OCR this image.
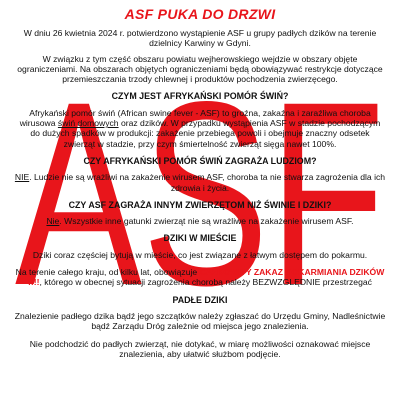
ASF
ASF PUKA DO DRZWI

W dniu 26 kwietnia 2024 r. potwierdzono wystąpienie ASF u grupy padłych dzików na terenie dzielnicy Karwiny w Gdyni.

W związku z tym część obszaru powiatu wejherowskiego wejdzie w obszary objęte ograniczeniami. Na obszarach objętych ograniczeniami będą obowiązywać restrykcje dotyczące przemieszczania trzody chlewnej i produktów pochodzenia zwierzęcego.

CZYM JEST AFRYKAŃSKI POMÓR ŚWIŃ?

Afrykański pomór świń (African swine fever - ASF) to groźna, zakaźna i zaraźliwa choroba wirusowa świń domowych oraz dzików. W przypadku wystąpienia ASF w stadzie pochodzącym do dużych spadków w produkcji: zakażenie przebiega powoli i obejmuje znaczny odsetek zwierząt w stadzie, przy czym śmiertelność zwierząt sięga nawet 100%.

CZY AFRYKAŃSKI POMÓR ŚWIŃ ZAGRAŻA LUDZIOM?

NIE. Ludzie nie są wrażliwi na zakażenie wirusem ASF, choroba ta nie stwarza zagrożenia dla ich zdrowia i życia.

CZY ASF ZAGRAŻA INNYM ZWIERZĘTOM NIŻ ŚWINIE I DZIKI?

Nie. Wszystkie inne gatunki zwierząt nie są wrażliwe na zakażenie wirusem ASF.

DZIKI W MIEŚCIE

Dziki coraz częściej bytują w mieście, co jest związane z łatwym dostępem do pokarmu.

Na terenie całego kraju, od kilku lat, obowiązuje CAŁKOWITY ZAKAZ DOKARMIANIA DZIKÓW !!!!, którego w obecnej sytuacji zagrożenia chorobą należy BEZWZGLĘDNIE przestrzegać

PADŁE DZIKI

Znalezienie padłego dzika bądź jego szczątków należy zgłaszać do Urzędu Gminy, Nadleśnictwie bądź Zarządu Dróg zależnie od miejsca jego znalezienia.

Nie podchodzić do padłych zwierząt, nie dotykać, w miarę możliwości oznakować miejsce znalezienia, aby ułatwić służbom podjęcie.
